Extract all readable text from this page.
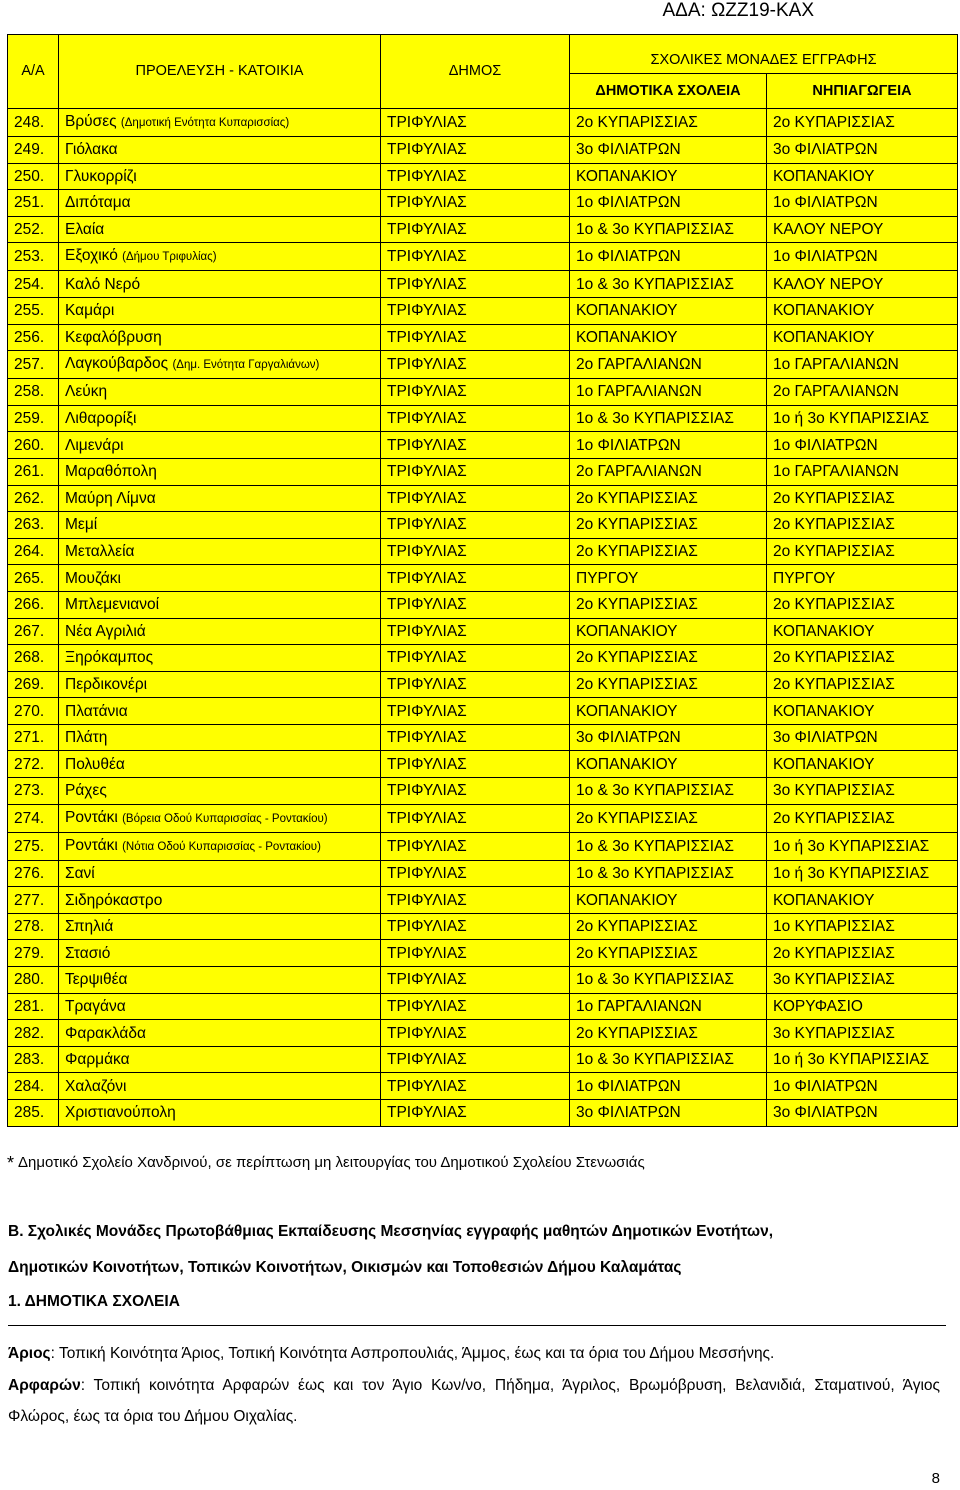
ΑΔΑ: ΩΖΖ19-ΚΑΧ
Α/Α	ΠΡΟΕΛΕΥΣΗ - ΚΑΤΟΙΚΙΑ	ΔΗΜΟΣ	ΣΧΟΛΙΚΕΣ ΜΟΝΑΔΕΣ ΕΓΓΡΑΦΗΣ	
			ΔΗΜΟΤΙΚΑ ΣΧΟΛΕΙΑ	ΝΗΠΙΑΓΩΓΕΙΑ
248.	Βρύσες (Δημοτική Ενότητα Κυπαρισσίας)	ΤΡΙΦΥΛΙΑΣ	2ο ΚΥΠΑΡΙΣΣΙΑΣ	2ο ΚΥΠΑΡΙΣΣΙΑΣ
249.	Γιόλακα	ΤΡΙΦΥΛΙΑΣ	3ο ΦΙΛΙΑΤΡΩΝ	3ο ΦΙΛΙΑΤΡΩΝ
250.	Γλυκορρίζι	ΤΡΙΦΥΛΙΑΣ	ΚΟΠΑΝΑΚΙΟΥ	ΚΟΠΑΝΑΚΙΟΥ
251.	Διπόταμα	ΤΡΙΦΥΛΙΑΣ	1ο ΦΙΛΙΑΤΡΩΝ	1ο ΦΙΛΙΑΤΡΩΝ
252.	Ελαία	ΤΡΙΦΥΛΙΑΣ	1ο & 3ο ΚΥΠΑΡΙΣΣΙΑΣ	ΚΑΛΟΥ ΝΕΡΟΥ
253.	Εξοχικό (Δήμου Τριφυλίας)	ΤΡΙΦΥΛΙΑΣ	1ο ΦΙΛΙΑΤΡΩΝ	1ο ΦΙΛΙΑΤΡΩΝ
254.	Καλό Νερό	ΤΡΙΦΥΛΙΑΣ	1ο & 3ο ΚΥΠΑΡΙΣΣΙΑΣ	ΚΑΛΟΥ ΝΕΡΟΥ
255.	Καμάρι	ΤΡΙΦΥΛΙΑΣ	ΚΟΠΑΝΑΚΙΟΥ	ΚΟΠΑΝΑΚΙΟΥ
256.	Κεφαλόβρυση	ΤΡΙΦΥΛΙΑΣ	ΚΟΠΑΝΑΚΙΟΥ	ΚΟΠΑΝΑΚΙΟΥ
257.	Λαγκούβαρδος (Δημ. Ενότητα Γαργαλιάνων)	ΤΡΙΦΥΛΙΑΣ	2ο ΓΑΡΓΑΛΙΑΝΩΝ	1ο ΓΑΡΓΑΛΙΑΝΩΝ
258.	Λεύκη	ΤΡΙΦΥΛΙΑΣ	1ο ΓΑΡΓΑΛΙΑΝΩΝ	2ο ΓΑΡΓΑΛΙΑΝΩΝ
259.	Λιθαρορίξι	ΤΡΙΦΥΛΙΑΣ	1ο & 3ο ΚΥΠΑΡΙΣΣΙΑΣ	1ο ή 3ο ΚΥΠΑΡΙΣΣΙΑΣ
260.	Λιμενάρι	ΤΡΙΦΥΛΙΑΣ	1ο ΦΙΛΙΑΤΡΩΝ	1ο ΦΙΛΙΑΤΡΩΝ
261.	Μαραθόπολη	ΤΡΙΦΥΛΙΑΣ	2ο ΓΑΡΓΑΛΙΑΝΩΝ	1ο ΓΑΡΓΑΛΙΑΝΩΝ
262.	Μαύρη Λίμνα	ΤΡΙΦΥΛΙΑΣ	2ο ΚΥΠΑΡΙΣΣΙΑΣ	2ο ΚΥΠΑΡΙΣΣΙΑΣ
263.	Μεμί	ΤΡΙΦΥΛΙΑΣ	2ο ΚΥΠΑΡΙΣΣΙΑΣ	2ο ΚΥΠΑΡΙΣΣΙΑΣ
264.	Μεταλλεία	ΤΡΙΦΥΛΙΑΣ	2ο ΚΥΠΑΡΙΣΣΙΑΣ	2ο ΚΥΠΑΡΙΣΣΙΑΣ
265.	Μουζάκι	ΤΡΙΦΥΛΙΑΣ	ΠΥΡΓΟΥ	ΠΥΡΓΟΥ
266.	Μπλεμενιανοί	ΤΡΙΦΥΛΙΑΣ	2ο ΚΥΠΑΡΙΣΣΙΑΣ	2ο ΚΥΠΑΡΙΣΣΙΑΣ
267.	Νέα Αγριλιά	ΤΡΙΦΥΛΙΑΣ	ΚΟΠΑΝΑΚΙΟΥ	ΚΟΠΑΝΑΚΙΟΥ
268.	Ξηρόκαμπος	ΤΡΙΦΥΛΙΑΣ	2ο ΚΥΠΑΡΙΣΣΙΑΣ	2ο ΚΥΠΑΡΙΣΣΙΑΣ
269.	Περδικονέρι	ΤΡΙΦΥΛΙΑΣ	2ο ΚΥΠΑΡΙΣΣΙΑΣ	2ο ΚΥΠΑΡΙΣΣΙΑΣ
270.	Πλατάνια	ΤΡΙΦΥΛΙΑΣ	ΚΟΠΑΝΑΚΙΟΥ	ΚΟΠΑΝΑΚΙΟΥ
271.	Πλάτη	ΤΡΙΦΥΛΙΑΣ	3ο ΦΙΛΙΑΤΡΩΝ	3ο ΦΙΛΙΑΤΡΩΝ
272.	Πολυθέα	ΤΡΙΦΥΛΙΑΣ	ΚΟΠΑΝΑΚΙΟΥ	ΚΟΠΑΝΑΚΙΟΥ
273.	Ράχες	ΤΡΙΦΥΛΙΑΣ	1ο & 3ο ΚΥΠΑΡΙΣΣΙΑΣ	3ο ΚΥΠΑΡΙΣΣΙΑΣ
274.	Ροντάκι (Βόρεια Οδού Κυπαρισσίας - Ροντακίου)	ΤΡΙΦΥΛΙΑΣ	2ο ΚΥΠΑΡΙΣΣΙΑΣ	2ο ΚΥΠΑΡΙΣΣΙΑΣ
275.	Ροντάκι (Νότια Οδού Κυπαρισσίας - Ροντακίου)	ΤΡΙΦΥΛΙΑΣ	1ο & 3ο ΚΥΠΑΡΙΣΣΙΑΣ	1ο ή 3ο ΚΥΠΑΡΙΣΣΙΑΣ
276.	Σανί	ΤΡΙΦΥΛΙΑΣ	1ο & 3ο ΚΥΠΑΡΙΣΣΙΑΣ	1ο ή 3ο ΚΥΠΑΡΙΣΣΙΑΣ
277.	Σιδηρόκαστρο	ΤΡΙΦΥΛΙΑΣ	ΚΟΠΑΝΑΚΙΟΥ	ΚΟΠΑΝΑΚΙΟΥ
278.	Σπηλιά	ΤΡΙΦΥΛΙΑΣ	2ο ΚΥΠΑΡΙΣΣΙΑΣ	1ο ΚΥΠΑΡΙΣΣΙΑΣ
279.	Στασιό	ΤΡΙΦΥΛΙΑΣ	2ο ΚΥΠΑΡΙΣΣΙΑΣ	2ο ΚΥΠΑΡΙΣΣΙΑΣ
280.	Τερψιθέα	ΤΡΙΦΥΛΙΑΣ	1ο & 3ο ΚΥΠΑΡΙΣΣΙΑΣ	3ο ΚΥΠΑΡΙΣΣΙΑΣ
281.	Τραγάνα	ΤΡΙΦΥΛΙΑΣ	1ο ΓΑΡΓΑΛΙΑΝΩΝ	ΚΟΡΥΦΑΣΙΟ
282.	Φαρακλάδα	ΤΡΙΦΥΛΙΑΣ	2ο ΚΥΠΑΡΙΣΣΙΑΣ	3ο ΚΥΠΑΡΙΣΣΙΑΣ
283.	Φαρμάκα	ΤΡΙΦΥΛΙΑΣ	1ο & 3ο ΚΥΠΑΡΙΣΣΙΑΣ	1ο ή 3ο ΚΥΠΑΡΙΣΣΙΑΣ
284.	Χαλαζόνι	ΤΡΙΦΥΛΙΑΣ	1ο ΦΙΛΙΑΤΡΩΝ	1ο ΦΙΛΙΑΤΡΩΝ
285.	Χριστιανούπολη	ΤΡΙΦΥΛΙΑΣ	3ο ΦΙΛΙΑΤΡΩΝ	3ο ΦΙΛΙΑΤΡΩΝ
* Δημοτικό Σχολείο Χανδρινού, σε περίπτωση μη λειτουργίας του Δημοτικού Σχολείου Στενωσιάς
Β. Σχολικές Μονάδες Πρωτοβάθμιας Εκπαίδευσης Μεσσηνίας εγγραφής μαθητών Δημοτικών Ενοτήτων,
Δημοτικών Κοινοτήτων, Τοπικών Κοινοτήτων, Οικισμών και Τοποθεσιών Δήμου Καλαμάτας
1. ΔΗΜΟΤΙΚΑ ΣΧΟΛΕΙΑ
Άριος: Τοπική Κοινότητα Άριος, Τοπική Κοινότητα Ασπροπουλιάς, Άμμος, έως και τα όρια του Δήμου Μεσσήνης.
Αρφαρών: Τοπική κοινότητα Αρφαρών έως και τον Άγιο Κων/νο, Πήδημα, Άγριλος, Βρωμόβρυση, Βελανιδιά, Σταματινού, Άγιος Φλώρος, έως τα όρια του Δήμου Οιχαλίας.
8
